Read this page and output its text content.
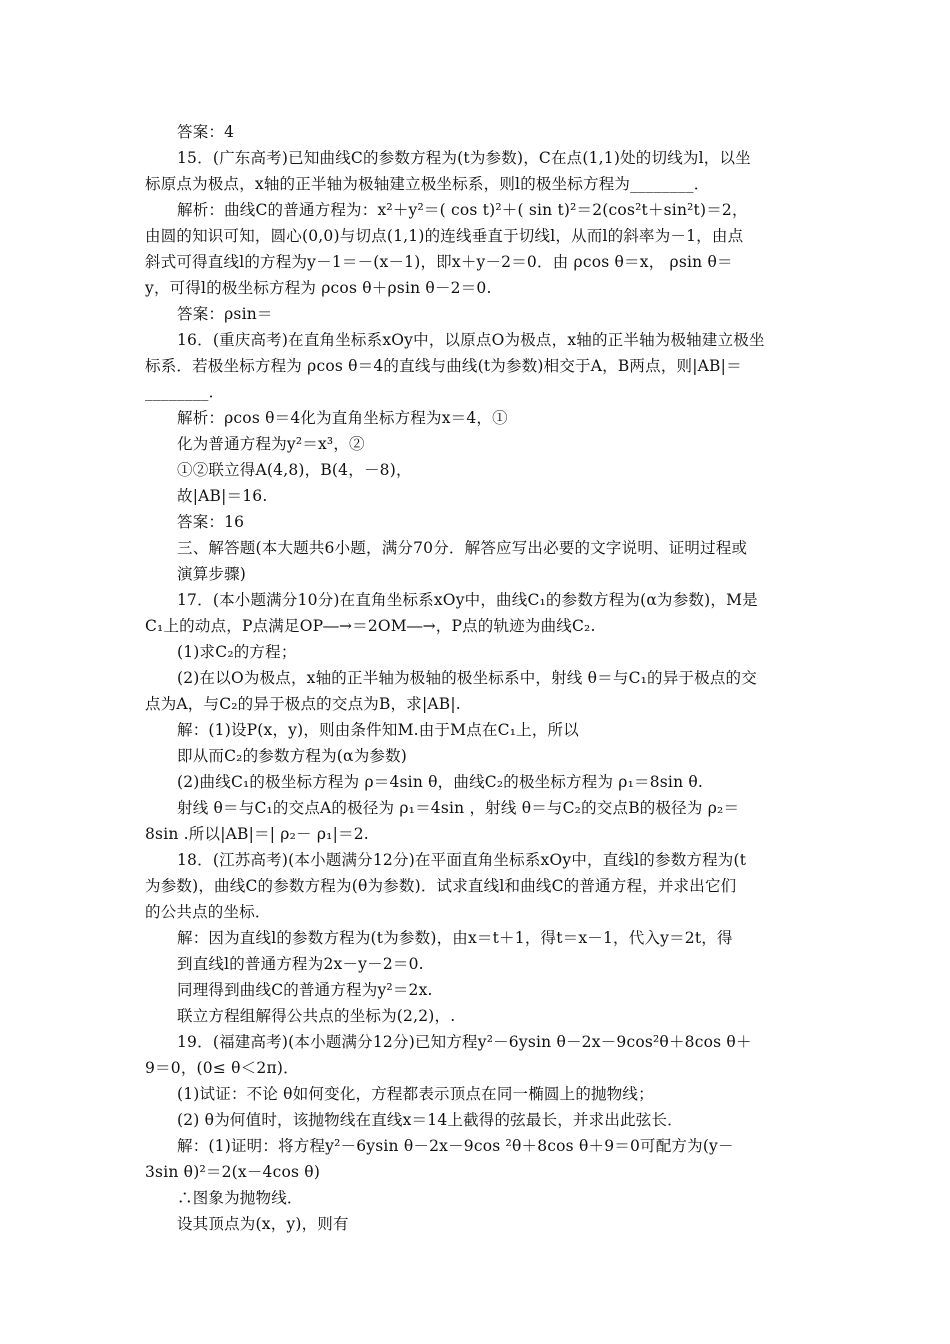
答案：4
15．(广东高考)已知曲线C的参数方程为(t为参数)，C在点(1,1)处的切线为l，以坐
标原点为极点，x轴的正半轴为极轴建立极坐标系，则l的极坐标方程为________．
解析：曲线C的普通方程为：x²＋y²＝( cos t)²＋( sin t)²＝2(cos²t＋sin²t)＝2，
由圆的知识可知，圆心(0,0)与切点(1,1)的连线垂直于切线l，从而l的斜率为－1，由点
斜式可得直线l的方程为y－1＝－(x－1)，即x＋y－2＝0．由 ρcos θ＝x， ρsin θ＝
y，可得l的极坐标方程为 ρcos θ＋ρsin θ－2＝0.
答案：ρsin＝
16．(重庆高考)在直角坐标系xOy中，以原点O为极点，x轴的正半轴为极轴建立极坐
标系．若极坐标方程为 ρcos θ＝4的直线与曲线(t为参数)相交于A，B两点，则|AB|＝
________．
解析：ρcos θ＝4化为直角坐标方程为x＝4，①
化为普通方程为y²＝x³，②
①②联立得A(4,8)，B(4，－8)，
故|AB|＝16.
答案：16
三、解答题(本大题共6小题，满分70分．解答应写出必要的文字说明、证明过程或
演算步骤)
17．(本小题满分10分)在直角坐标系xOy中，曲线C₁的参数方程为(α为参数)，M是
C₁上的动点，P点满足OP―→＝2OM―→，P点的轨迹为曲线C₂.
(1)求C₂的方程；
(2)在以O为极点，x轴的正半轴为极轴的极坐标系中，射线 θ＝与C₁的异于极点的交
点为A，与C₂的异于极点的交点为B，求|AB|.
解：(1)设P(x，y)，则由条件知M.由于M点在C₁上，所以
即从而C₂的参数方程为(α为参数)
(2)曲线C₁的极坐标方程为 ρ＝4sin θ，曲线C₂的极坐标方程为 ρ₁＝8sin θ.
射线 θ＝与C₁的交点A的极径为 ρ₁＝4sin ，射线 θ＝与C₂的交点B的极径为 ρ₂＝
8sin .所以|AB|＝| ρ₂－ ρ₁|＝2.
18．(江苏高考)(本小题满分12分)在平面直角坐标系xOy中，直线l的参数方程为(t
为参数)，曲线C的参数方程为(θ为参数)．试求直线l和曲线C的普通方程，并求出它们
的公共点的坐标．
解：因为直线l的参数方程为(t为参数)，由x＝t＋1，得t＝x－1，代入y＝2t，得
到直线l的普通方程为2x－y－2＝0.
同理得到曲线C的普通方程为y²＝2x.
联立方程组解得公共点的坐标为(2,2)，.
19．(福建高考)(本小题满分12分)已知方程y²－6ysin θ－2x－9cos²θ＋8cos θ＋
9＝0，(0≤ θ＜2π)．
(1)试证：不论 θ如何变化，方程都表示顶点在同一椭圆上的抛物线；
(2) θ为何值时，该抛物线在直线x＝14上截得的弦最长，并求出此弦长．
解：(1)证明：将方程y²－6ysin θ－2x－9cos ²θ＋8cos θ＋9＝0可配方为(y－
3sin θ)²＝2(x－4cos θ)
∴图象为抛物线．
设其顶点为(x，y)，则有
